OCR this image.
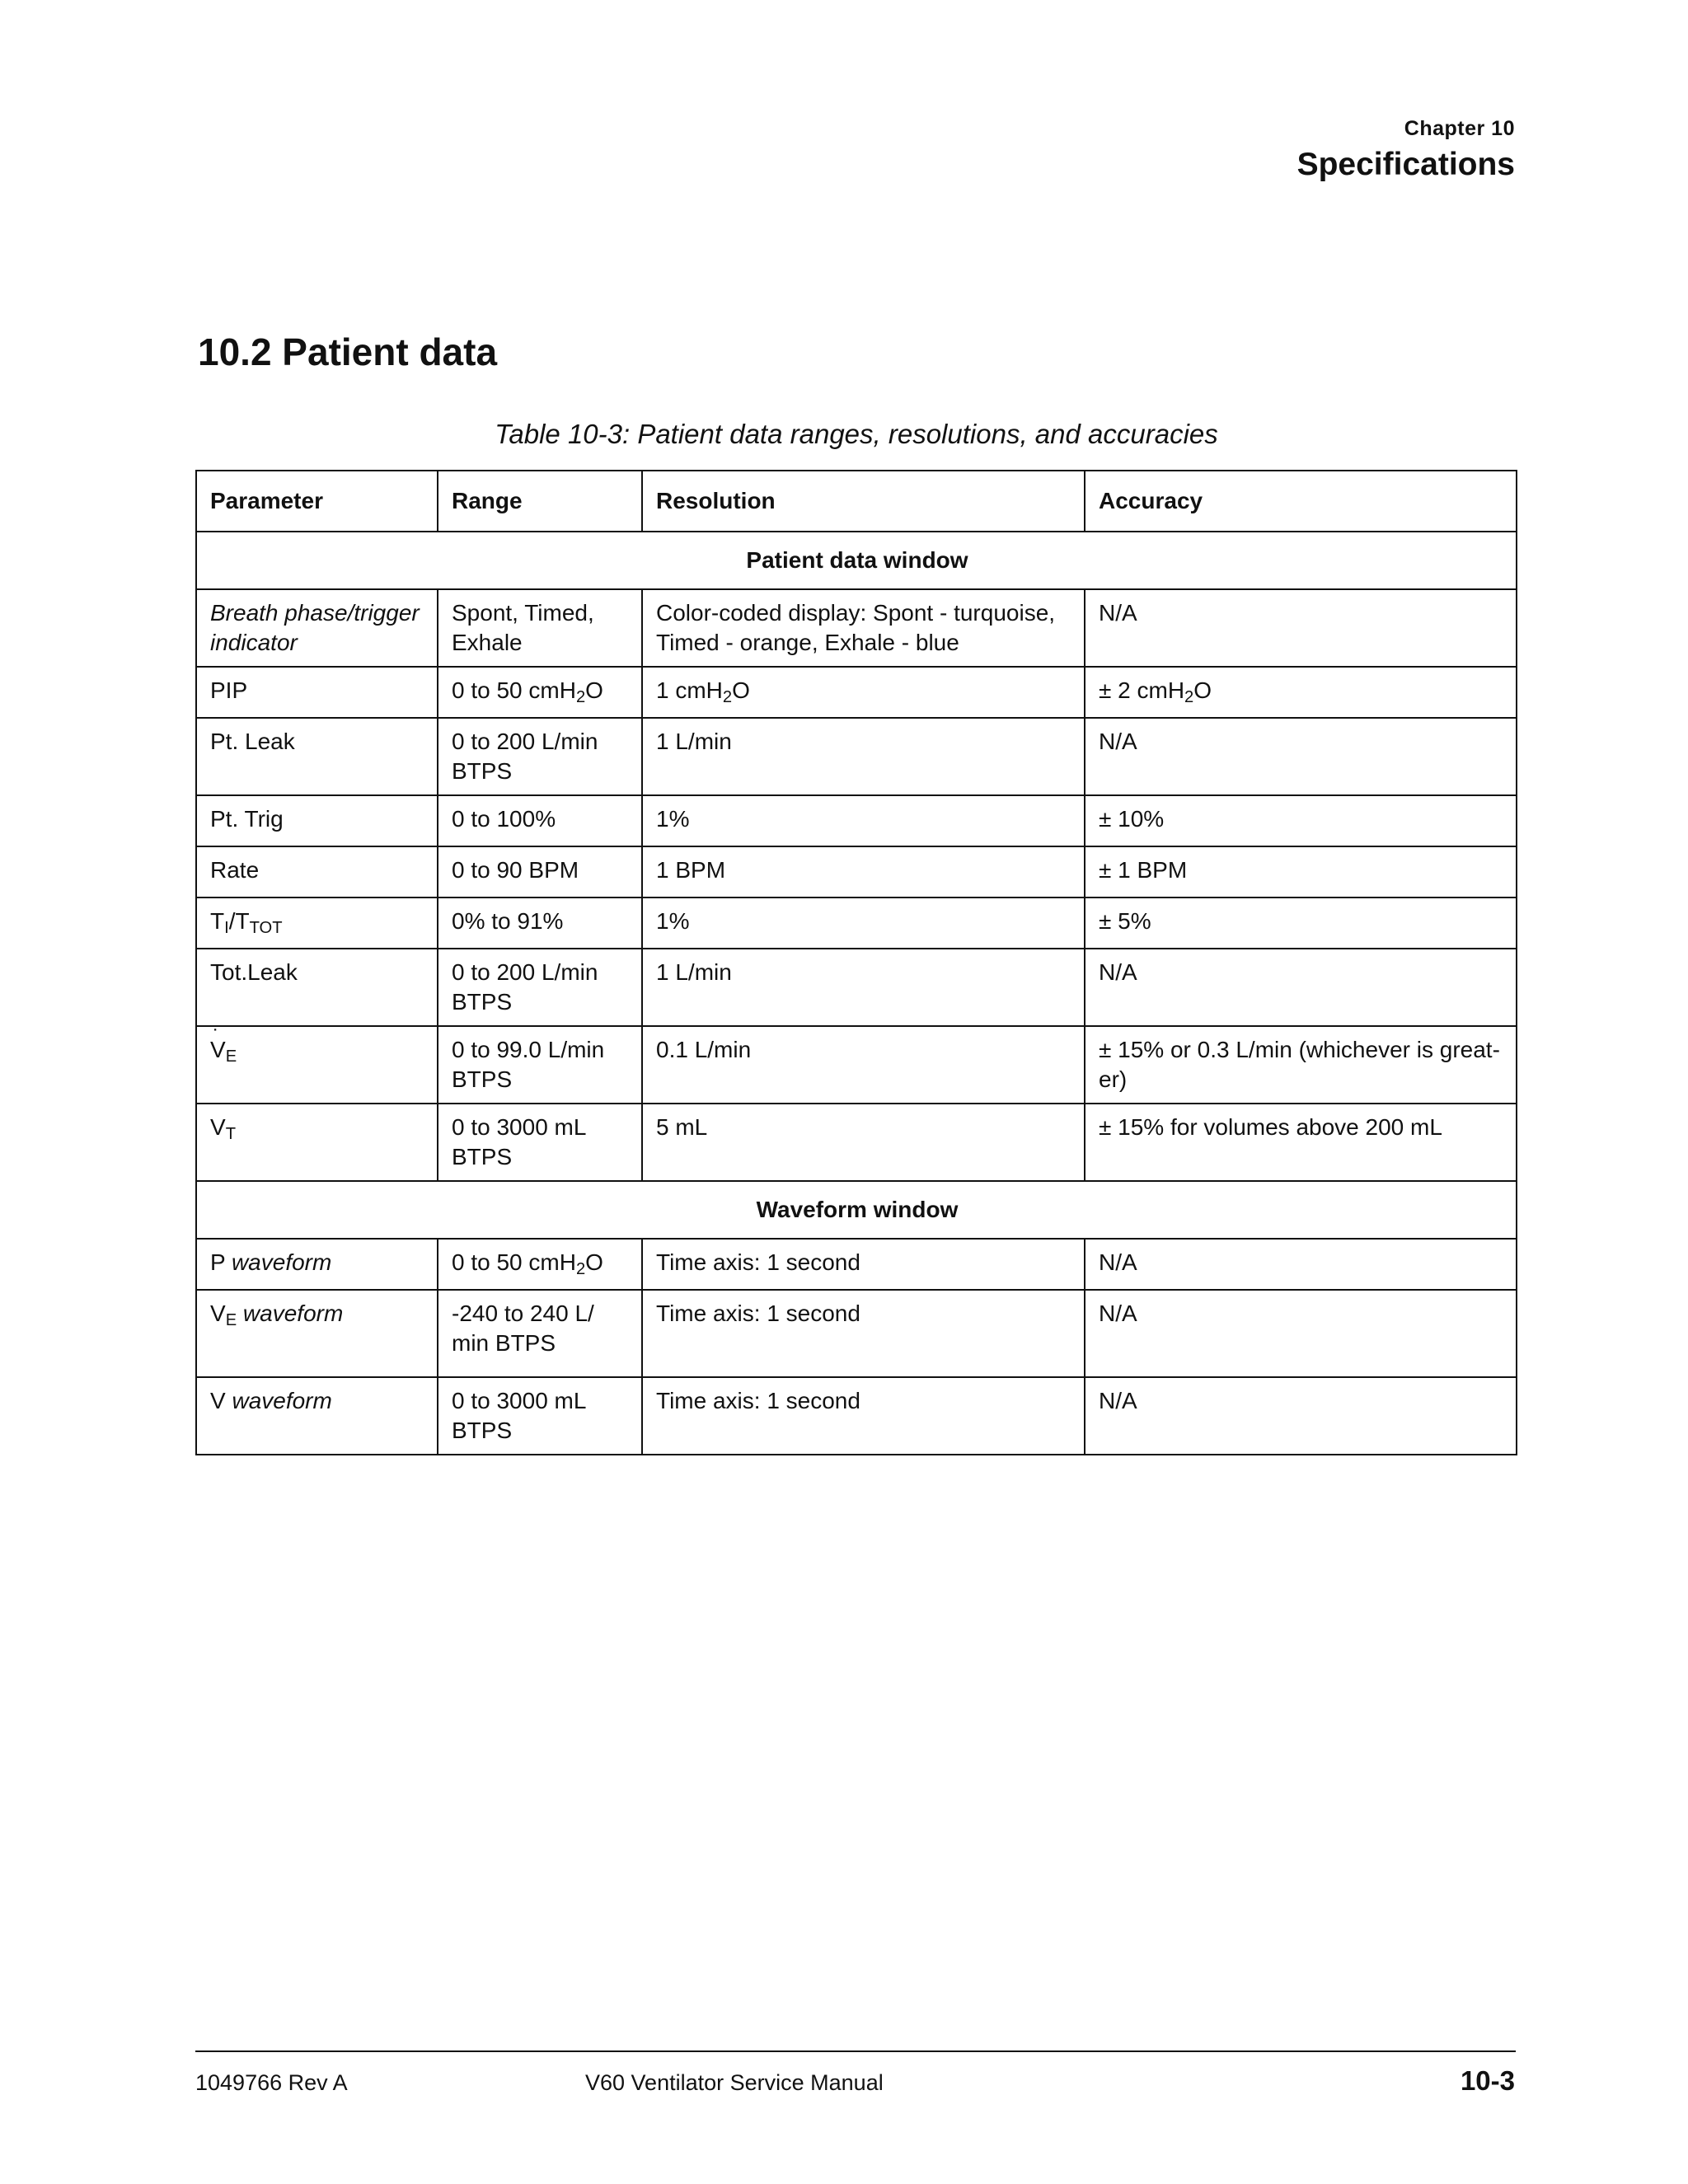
Chapter 10
Specifications
10.2 Patient data
Table 10-3: Patient data ranges, resolutions, and accuracies
Parameter	Range	Resolution	Accuracy
Patient data window			
Breath phase/trigger indicator	Spont, Timed, Exhale	Color-coded display: Spont - turquoise, Timed - orange, Exhale - blue	N/A
PIP	0 to 50 cmH$_2$O	1 cmH$_2$O	± 2 cmH$_2$O
Pt. Leak	0 to 200 L/min BTPS	1 L/min	N/A
Pt. Trig	0 to 100%	1%	± 10%
Rate	0 to 90 BPM	1 BPM	± 1 BPM
$T_I/T_{TOT}$	0% to 91%	1%	± 5%
Tot.Leak	0 to 200 L/min BTPS	1 L/min	N/A
˙ $V_E$	0 to 99.0 L/min BTPS	0.1 L/min	± 15% or 0.3 L/min (whichever is great- er)
$V_T$	0 to 3000 mL BTPS	5 mL	± 15% for volumes above 200 mL
Waveform window			
P waveform	0 to 50 cmH$_2$O	Time axis: 1 second	N/A
$V_E$ waveform	-240 to 240 L/ min BTPS	Time axis: 1 second	N/A
V waveform	0 to 3000 mL BTPS	Time axis: 1 second	N/A
1049766 Rev A	V60 Ventilator Service Manual	10-3
